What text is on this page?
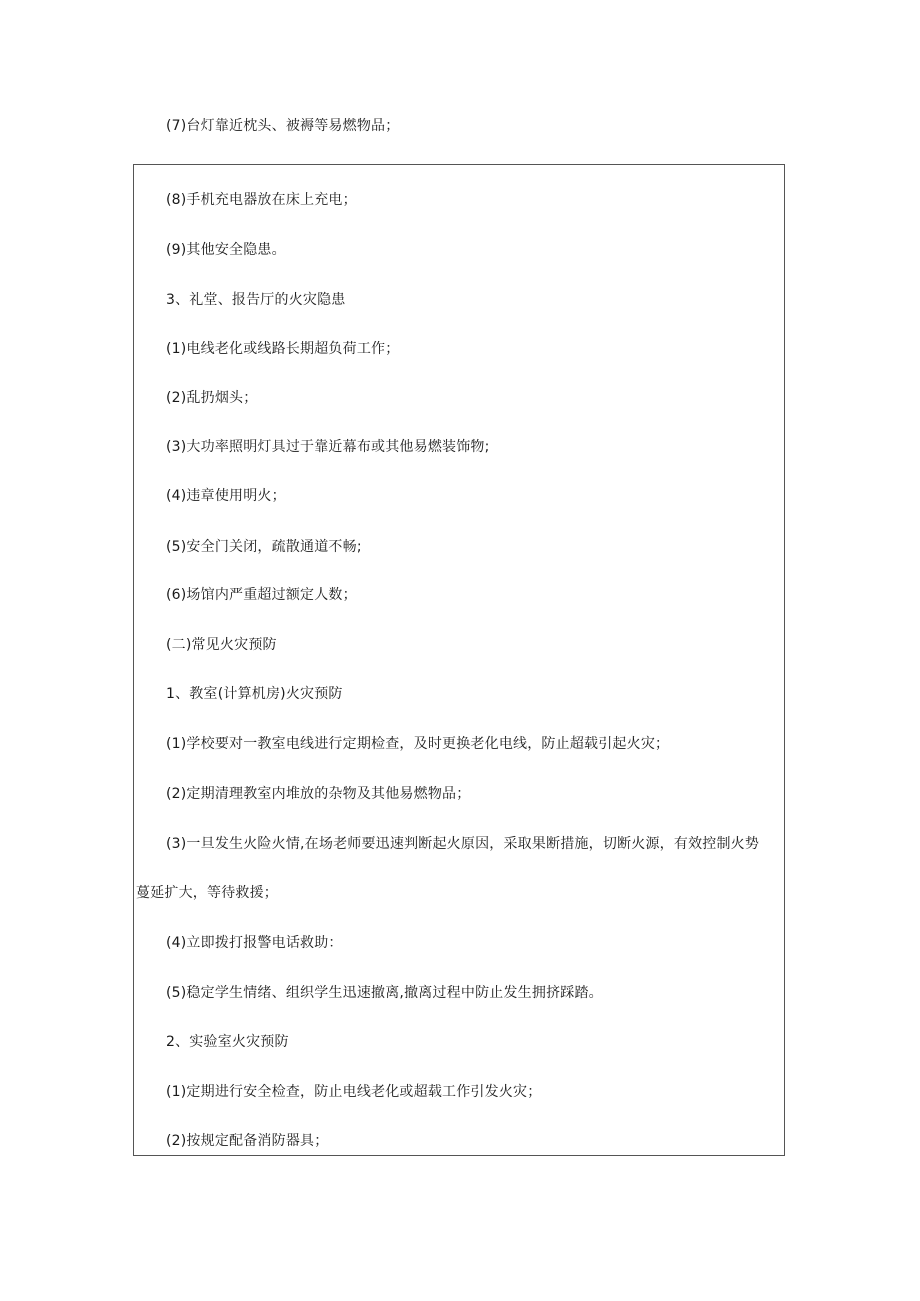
(7)台灯靠近枕头、被褥等易燃物品；
(8)手机充电器放在床上充电；
(9)其他安全隐患。
3、礼堂、报告厅的火灾隐患
(1)电线老化或线路长期超负荷工作；
(2)乱扔烟头；
(3)大功率照明灯具过于靠近幕布或其他易燃装饰物;
(4)违章使用明火；
(5)安全门关闭，疏散通道不畅;
(6)场馆内严重超过额定人数；
(二)常见火灾预防
1、教室(计算机房)火灾预防
(1)学校要对一教室电线进行定期检查，及时更换老化电线，防止超载引起火灾；
(2)定期清理教室内堆放的杂物及其他易燃物品；
(3)一旦发生火险火情,在场老师要迅速判断起火原因，采取果断措施，切断火源，有效控制火势
蔓延扩大，等待救援；
(4)立即拨打报警电话救助：
(5)稳定学生情绪、组织学生迅速撤离,撤离过程中防止发生拥挤踩踏。
2、实验室火灾预防
(1)定期进行安全检查，防止电线老化或超载工作引发火灾；
(2)按规定配备消防器具；
